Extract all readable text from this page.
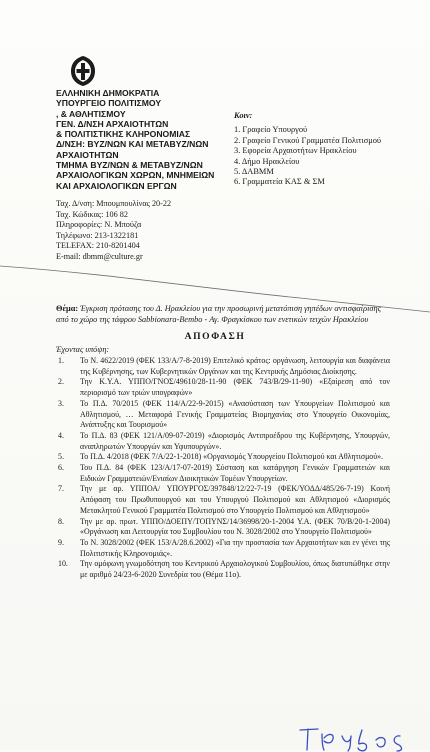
ΕΛΛΗΝΙΚΗ ΔΗΜΟΚΡΑΤΙΑ
ΥΠΟΥΡΓΕΙΟ ΠΟΛΙΤΙΣΜΟΥ
, & ΑΘΛΗΤΙΣΜΟΥ
ΓΕΝ. Δ/ΝΣΗ ΑΡΧΑΙΟΤΗΤΩΝ
& ΠΟΛΙΤΙΣΤΙΚΗΣ ΚΛΗΡΟΝΟΜΙΑΣ
Δ/ΝΣΗ: ΒΥΖ/ΝΩΝ ΚΑΙ ΜΕΤΑΒΥΖ/ΝΩΝ
ΑΡΧΑΙΟΤΗΤΩΝ
ΤΜΗΜΑ ΒΥΖ/ΝΩΝ & ΜΕΤΑΒΥΖ/ΝΩΝ
ΑΡΧΑΙΟΛΟΓΙΚΩΝ ΧΩΡΩΝ, ΜΝΗΜΕΙΩΝ
ΚΑΙ ΑΡΧΑΙΟΛΟΓΙΚΩΝ ΕΡΓΩΝ
Ταχ. Δ/νση: Μπουμπουλίνας 20-22
Ταχ. Κώδικας: 106 82
Πληροφορίες: Ν. Μπούζα
Τηλέφωνο: 213-1322181
TELEFAX: 210-8201404
E-mail: dbmm@culture.gr
Κοιν:
1. Γραφείο Υπουργού
2. Γραφείο Γενικού Γραμματέα Πολιτισμού
3. Εφορεία Αρχαιοτήτων Ηρακλείου
4. Δήμο Ηρακλείου
5. ΔΑΒΜΜ
6. Γραμματεία ΚΑΣ & ΣΜ
Θέμα: Έγκριση πρότασης του Δ. Ηρακλείου για την προσωρινή μετατόπιση γηπέδων αντισφαίρισης από το χώρο της τάφρου Sabbionara-Bembo - Αγ. Φραγκίσκου των ενετικών τειχών Ηρακλείου
ΑΠΟΦΑΣΗ
Έχοντας υπόψη:
1. Το Ν. 4622/2019 (ΦΕΚ 133/Α/7-8-2019) Επιτελικό κράτος: οργάνωση, λειτουργία και διαφάνεια της Κυβέρνησης, των Κυβερνητικών Οργάνων και της Κεντρικής Δημόσιας Διοίκησης.
2. Την Κ.Υ.Α. ΥΠΠΟ/ΓΝΟΣ/49610/28-11-90 (ΦΕΚ 743/Β/29-11-90) «Εξαίρεση από τον περιορισμό των τριών υπογραφών»
3. Το Π.Δ. 70/2015 (ΦΕΚ 114/Α/22-9-2015) «Ανασύσταση των Υπουργείων Πολιτισμού και Αθλητισμού, … Μεταφορά Γενικής Γραμματείας Βιομηχανίας στο Υπουργείο Οικονομίας, Ανάπτυξης και Τουρισμού»
4. Το Π.Δ. 83 (ΦΕΚ 121/Α/09-07-2019) «Διορισμός Αντιπροέδρου της Κυβέρνησης, Υπουργών, αναπληρωτών Υπουργών και Υφυπουργών».
5. Το Π.Δ. 4/2018 (ΦΕΚ 7/Α/22-1-2018) «Οργανισμός Υπουργείου Πολιτισμού και Αθλητισμού».
6. Του Π.Δ. 84 (ΦΕΚ 123/Α/17-07-2019) Σύσταση και κατάργηση Γενικών Γραμματειών και Ειδικών Γραμματειών/Ενιαίων Διοικητικών Τομέων Υπουργείων.
7. Την με αρ. ΥΠΠΟΑ/ ΥΠΟΥΡΓΟΣ/397848/12/22-7-19 (ΦΕΚ/ΥΟΔΔ/485/26-7-19) Κοινή Απόφαση του Πρωθυπουργού και του Υπουργού Πολιτισμού και Αθλητισμού «Διορισμός Μετακλητού Γενικού Γραμματέα Πολιτισμού στο Υπουργείο Πολιτισμού και Αθλητισμού»
8. Την με αρ. πρωτ. ΥΠΠΟ/ΔΟΕΠΥ/ΤΟΠΥΝΣ/14/36998/20-1-2004 Υ.Α. (ΦΕΚ 70/Β/20-1-2004) «Οργάνωση και Λειτουργία του Συμβουλίου του Ν. 3028/2002 στο Υπουργείο Πολιτισμού»
9. Το Ν. 3028/2002 (ΦΕΚ 153/Α/28.6.2002) «Για την προστασία των Αρχαιοτήτων και εν γένει της Πολιτιστικής Κληρονομιάς».
10. Την ομόφωνη γνωμοδότηση του Κεντρικού Αρχαιολογικού Συμβουλίου, όπως διατυπώθηκε στην με αριθμό 24/23-6-2020 Συνεδρία του (Θέμα 11ο).
